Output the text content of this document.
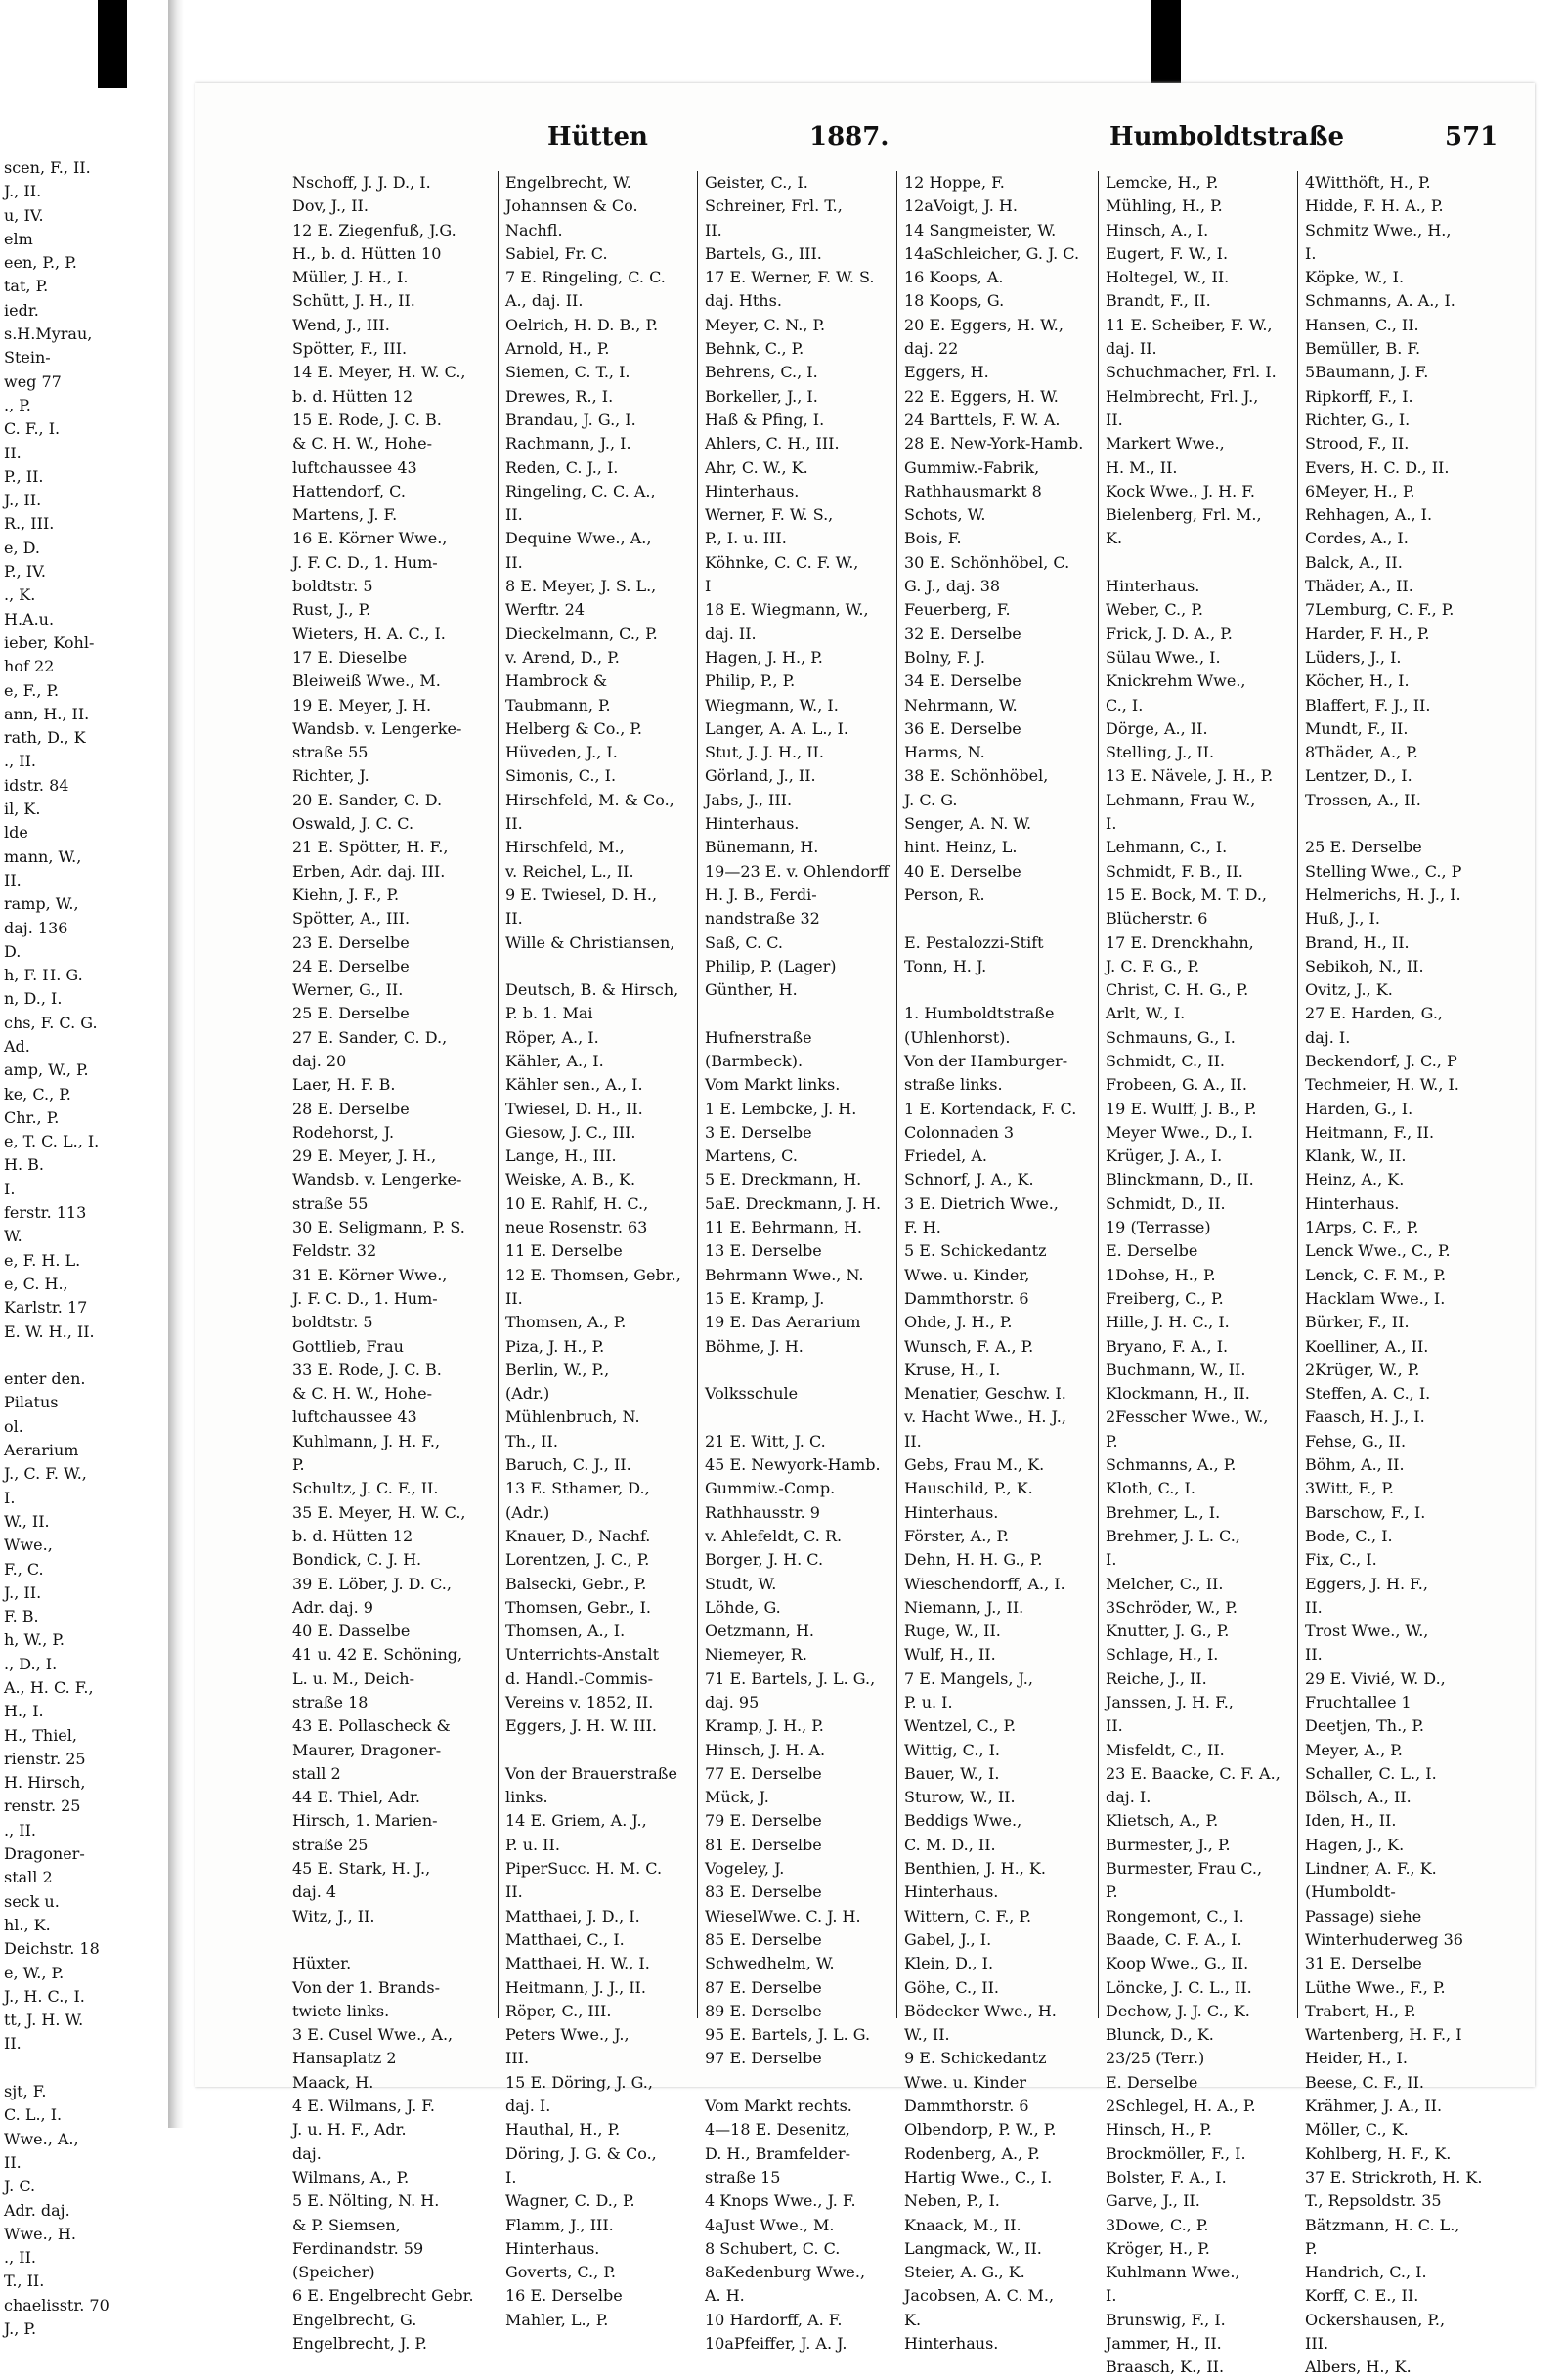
scen, F., II.
J., II.
u, IV.
elm
een, P., P.
tat, P.
iedr.
s.H.Myrau,
Stein-
weg 77
., P.
C. F., I.
II.
P., II.
J., II.
R., III.
e, D.
P., IV.
., K.
H.A.u.
ieber, Kohl-
hof 22
e, F., P.
ann, H., II.
rath, D., K
., II.
idstr. 84
il, K.
lde
mann, W.,
II.
ramp, W.,
daj. 136
D.
h, F. H. G.
n, D., I.
chs, F. C. G.
Ad.
amp, W., P.
ke, C., P.
Chr., P.
e, T. C. L., I.
H. B.
I.
ferstr. 113
W.
e, F. H. L.
e, C. H.,
Karlstr. 17
E. W. H., II.
enter den.
Pilatus
ol.
Aerarium
J., C. F. W.,
I.
W., II.
Wwe.,
F., C.
J., II.
F. B.
h, W., P.
., D., I.
A., H. C. F.,
H., I.
H., Thiel,
rienstr. 25
H. Hirsch,
renstr. 25
., II.
Dragoner-
stall 2
seck u.
hl., K.
Deichstr. 18
e, W., P.
J., H. C., I.
tt, J. H. W.
II.
sjt, F.
C. L., I.
Wwe., A.,
II.
J. C.
Adr. daj.
Wwe., H.
., II.
T., II.
chaelisstr. 70
J., P.
Hütten	1887.	Humboldtstraße	571
Nschoff, J. J. D., I.
Dov, J., II.
12 E. Ziegenfuß, J.G.
H., b. d. Hütten 10
Müller, J. H., I.
Schütt, J. H., II.
Wend, J., III.
Spötter, F., III.
14 E. Meyer, H. W. C.,
b. d. Hütten 12
15 E. Rode, J. C. B.
& C. H. W., Hohe-
luftchaussee 43
Hattendorf, C.
Martens, J. F.
16 E. Körner Wwe.,
J. F. C. D., 1. Hum-
boldtstr. 5
Rust, J., P.
Wieters, H. A. C., I.
17 E. Dieselbe
Bleiweiß Wwe., M.
19 E. Meyer, J. H.
Wandsb. v. Lengerke-
straße 55
Richter, J.
20 E. Sander, C. D.
Oswald, J. C. C.
21 E. Spötter, H. F.,
Erben, Adr. daj. III.
Kiehn, J. F., P.
Spötter, A., III.
23 E. Derselbe
24 E. Derselbe
Werner, G., II.
25 E. Derselbe
27 E. Sander, C. D.,
daj. 20
Laer, H. F. B.
28 E. Derselbe
Rodehorst, J.
29 E. Meyer, J. H.,
Wandsb. v. Lengerke-
straße 55
30 E. Seligmann, P. S.
Feldstr. 32
31 E. Körner Wwe.,
J. F. C. D., 1. Hum-
boldtstr. 5
Gottlieb, Frau
33 E. Rode, J. C. B.
& C. H. W., Hohe-
luftchaussee 43
Kuhlmann, J. H. F.,
P.
Schultz, J. C. F., II.
35 E. Meyer, H. W. C.,
b. d. Hütten 12
Bondick, C. J. H.
39 E. Löber, J. D. C.,
Adr. daj. 9
40 E. Dasselbe
41 u. 42 E. Schöning,
L. u. M., Deich-
straße 18
43 E. Pollascheck &
Maurer, Dragoner-
stall 2
44 E. Thiel, Adr.
Hirsch, 1. Marien-
straße 25
45 E. Stark, H. J.,
daj. 4
Witz, J., II.
Hüxter.
Von der 1. Brands-
twiete links.
3 E. Cusel Wwe., A.,
Hansaplatz 2
Maack, H.
4 E. Wilmans, J. F.
J. u. H. F., Adr.
daj.
Wilmans, A., P.
5 E. Nölting, N. H.
& P. Siemsen,
Ferdinandstr. 59
(Speicher)
6 E. Engelbrecht Gebr.
Engelbrecht, G.
Engelbrecht, J. P.
Engelbrecht, W.
Johannsen & Co.
Nachfl.
Sabiel, Fr. C.
7 E. Ringeling, C. C.
A., daj. II.
Oelrich, H. D. B., P.
Arnold, H., P.
Siemen, C. T., I.
Drewes, R., I.
Brandau, J. G., I.
Rachmann, J., I.
Reden, C. J., I.
Ringeling, C. C. A.,
II.
Dequine Wwe., A.,
II.
8 E. Meyer, J. S. L.,
Werftr. 24
Dieckelmann, C., P.
v. Arend, D., P.
Hambrock &
Taubmann, P.
Helberg & Co., P.
Hüveden, J., I.
Simonis, C., I.
Hirschfeld, M. & Co.,
II.
Hirschfeld, M.,
v. Reichel, L., II.
9 E. Twiesel, D. H.,
II.
Wille & Christiansen,
Deutsch, B. & Hirsch,
P. b. 1. Mai
Röper, A., I.
Kähler, A., I.
Kähler sen., A., I.
Twiesel, D. H., II.
Giesow, J. C., III.
Lange, H., III.
Weiske, A. B., K.
10 E. Rahlf, H. C.,
neue Rosenstr. 63
11 E. Derselbe
12 E. Thomsen, Gebr.,
II.
Thomsen, A., P.
Piza, J. H., P.
Berlin, W., P.,
(Adr.)
Mühlenbruch, N.
Th., II.
Baruch, C. J., II.
13 E. Sthamer, D.,
(Adr.)
Knauer, D., Nachf.
Lorentzen, J. C., P.
Balsecki, Gebr., P.
Thomsen, Gebr., I.
Thomsen, A., I.
Unterrichts-Anstalt
d. Handl.-Commis-
Vereins v. 1852, II.
Eggers, J. H. W. III.
Von der Brauerstraße
links.
14 E. Griem, A. J.,
P. u. II.
PiperSucc. H. M. C.
II.
Matthaei, J. D., I.
Matthaei, C., I.
Matthaei, H. W., I.
Heitmann, J. J., II.
Röper, C., III.
Peters Wwe., J.,
III.
15 E. Döring, J. G.,
daj. I.
Hauthal, H., P.
Döring, J. G. & Co.,
I.
Wagner, C. D., P.
Flamm, J., III.
Hinterhaus.
Goverts, C., P.
16 E. Derselbe
Mahler, L., P.
Geister, C., I.
Schreiner, Frl. T.,
II.
Bartels, G., III.
17 E. Werner, F. W. S.
daj. Hths.
Meyer, C. N., P.
Behnk, C., P.
Behrens, C., I.
Borkeller, J., I.
Haß & Pfing, I.
Ahlers, C. H., III.
Ahr, C. W., K.
Hinterhaus.
Werner, F. W. S.,
P., I. u. III.
Köhnke, C. C. F. W.,
I
18 E. Wiegmann, W.,
daj. II.
Hagen, J. H., P.
Philip, P., P.
Wiegmann, W., I.
Langer, A. A. L., I.
Stut, J. J. H., II.
Görland, J., II.
Jabs, J., III.
Hinterhaus.
Bünemann, H.
19—23 E. v. Ohlendorff
H. J. B., Ferdi-
nandstraße 32
Saß, C. C.
Philip, P. (Lager)
Günther, H.
Hufnerstraße
(Barmbeck).
Vom Markt links.
1 E. Lembcke, J. H.
3 E. Derselbe
Martens, C.
5 E. Dreckmann, H.
5aE. Dreckmann, J. H.
11 E. Behrmann, H.
13 E. Derselbe
Behrmann Wwe., N.
15 E. Kramp, J.
19 E. Das Aerarium
Böhme, J. H.
Volksschule
21 E. Witt, J. C.
45 E. Newyork-Hamb.
Gummiw.-Comp.
Rathhausstr. 9
v. Ahlefeldt, C. R.
Borger, J. H. C.
Studt, W.
Löhde, G.
Oetzmann, H.
Niemeyer, R.
71 E. Bartels, J. L. G.,
daj. 95
Kramp, J. H., P.
Hinsch, J. H. A.
77 E. Derselbe
Mück, J.
79 E. Derselbe
81 E. Derselbe
Vogeley, J.
83 E. Derselbe
WieselWwe. C. J. H.
85 E. Derselbe
Schwedhelm, W.
87 E. Derselbe
89 E. Derselbe
95 E. Bartels, J. L. G.
97 E. Derselbe
Vom Markt rechts.
4—18 E. Desenitz,
D. H., Bramfelder-
straße 15
4 Knops Wwe., J. F.
4aJust Wwe., M.
8 Schubert, C. C.
8aKedenburg Wwe.,
A. H.
10 Hardorff, A. F.
10aPfeiffer, J. A. J.
12 Hoppe, F.
12aVoigt, J. H.
14 Sangmeister, W.
14aSchleicher, G. J. C.
16 Koops, A.
18 Koops, G.
20 E. Eggers, H. W.,
daj. 22
Eggers, H.
22 E. Eggers, H. W.
24 Barttels, F. W. A.
28 E. New-York-Hamb.
Gummiw.-Fabrik,
Rathhausmarkt 8
Schots, W.
Bois, F.
30 E. Schönhöbel, C.
G. J., daj. 38
Feuerberg, F.
32 E. Derselbe
Bolny, F. J.
34 E. Derselbe
Nehrmann, W.
36 E. Derselbe
Harms, N.
38 E. Schönhöbel,
J. C. G.
Senger, A. N. W.
hint. Heinz, L.
40 E. Derselbe
Person, R.
E. Pestalozzi-Stift
Tonn, H. J.
1. Humboldtstraße
(Uhlenhorst).
Von der Hamburger-
straße links.
1 E. Kortendack, F. C.
Colonnaden 3
Friedel, A.
Schnorf, J. A., K.
3 E. Dietrich Wwe.,
F. H.
5 E. Schickedantz
Wwe. u. Kinder,
Dammthorstr. 6
Ohde, J. H., P.
Wunsch, F. A., P.
Kruse, H., I.
Menatier, Geschw. I.
v. Hacht Wwe., H. J.,
II.
Gebs, Frau M., K.
Hauschild, P., K.
Hinterhaus.
Förster, A., P.
Dehn, H. H. G., P.
Wieschendorff, A., I.
Niemann, J., II.
Ruge, W., II.
Wulf, H., II.
7 E. Mangels, J.,
P. u. I.
Wentzel, C., P.
Wittig, C., I.
Bauer, W., I.
Sturow, W., II.
Beddigs Wwe.,
C. M. D., II.
Benthien, J. H., K.
Hinterhaus.
Wittern, C. F., P.
Gabel, J., I.
Klein, D., I.
Göhe, C., II.
Bödecker Wwe., H.
W., II.
9 E. Schickedantz
Wwe. u. Kinder
Dammthorstr. 6
Olbendorp, P. W., P.
Rodenberg, A., P.
Hartig Wwe., C., I.
Neben, P., I.
Knaack, M., II.
Langmack, W., II.
Steier, A. G., K.
Jacobsen, A. C. M.,
K.
Hinterhaus.
Lemcke, H., P.
Mühling, H., P.
Hinsch, A., I.
Eugert, F. W., I.
Holtegel, W., II.
Brandt, F., II.
11 E. Scheiber, F. W.,
daj. II.
Schuchmacher, Frl. I.
Helmbrecht, Frl. J.,
II.
Markert Wwe.,
H. M., II.
Kock Wwe., J. H. F.
Bielenberg, Frl. M.,
K.
Hinterhaus.
Weber, C., P.
Frick, J. D. A., P.
Sülau Wwe., I.
Knickrehm Wwe.,
C., I.
Dörge, A., II.
Stelling, J., II.
13 E. Nävele, J. H., P.
Lehmann, Frau W.,
I.
Lehmann, C., I.
Schmidt, F. B., II.
15 E. Bock, M. T. D.,
Blücherstr. 6
17 E. Drenckhahn,
J. C. F. G., P.
Christ, C. H. G., P.
Arlt, W., I.
Schmauns, G., I.
Schmidt, C., II.
Frobeen, G. A., II.
19 E. Wulff, J. B., P.
Meyer Wwe., D., I.
Krüger, J. A., I.
Blinckmann, D., II.
Schmidt, D., II.
19 (Terrasse)
E. Derselbe
1Dohse, H., P.
Freiberg, C., P.
Hille, J. H. C., I.
Bryano, F. A., I.
Buchmann, W., II.
Klockmann, H., II.
2Fesscher Wwe., W.,
P.
Schmanns, A., P.
Kloth, C., I.
Brehmer, L., I.
Brehmer, J. L. C.,
I.
Melcher, C., II.
3Schröder, W., P.
Knutter, J. G., P.
Schlage, H., I.
Reiche, J., II.
Janssen, J. H. F.,
II.
Misfeldt, C., II.
23 E. Baacke, C. F. A.,
daj. I.
Klietsch, A., P.
Burmester, J., P.
Burmester, Frau C.,
P.
Rongemont, C., I.
Baade, C. F. A., I.
Koop Wwe., G., II.
Löncke, J. C. L., II.
Dechow, J. J. C., K.
Blunck, D., K.
23/25 (Terr.)
E. Derselbe
2Schlegel, H. A., P.
Hinsch, H., P.
Brockmöller, F., I.
Bolster, F. A., I.
Garve, J., II.
3Dowe, C., P.
Kröger, H., P.
Kuhlmann Wwe.,
I.
Brunswig, F., I.
Jammer, H., II.
Braasch, K., II.
4Witthöft, H., P.
Hidde, F. H. A., P.
Schmitz Wwe., H.,
I.
Köpke, W., I.
Schmanns, A. A., I.
Hansen, C., II.
Bemüller, B. F.
5Baumann, J. F.
Ripkorff, F., I.
Richter, G., I.
Strood, F., II.
Evers, H. C. D., II.
6Meyer, H., P.
Rehhagen, A., I.
Cordes, A., I.
Balck, A., II.
Thäder, A., II.
7Lemburg, C. F., P.
Harder, F. H., P.
Lüders, J., I.
Köcher, H., I.
Blaffert, F. J., II.
Mundt, F., II.
8Thäder, A., P.
Lentzer, D., I.
Trossen, A., II.
25 E. Derselbe
Stelling Wwe., C., P
Helmerichs, H. J., I.
Huß, J., I.
Brand, H., II.
Sebikoh, N., II.
Ovitz, J., K.
27 E. Harden, G.,
daj. I.
Beckendorf, J. C., P
Techmeier, H. W., I.
Harden, G., I.
Heitmann, F., II.
Klank, W., II.
Heinz, A., K.
Hinterhaus.
1Arps, C. F., P.
Lenck Wwe., C., P.
Lenck, C. F. M., P.
Hacklam Wwe., I.
Bürker, F., II.
Koelliner, A., II.
2Krüger, W., P.
Steffen, A. C., I.
Faasch, H. J., I.
Fehse, G., II.
Böhm, A., II.
3Witt, F., P.
Barschow, F., I.
Bode, C., I.
Fix, C., I.
Eggers, J. H. F.,
II.
Trost Wwe., W.,
II.
29 E. Vivié, W. D.,
Fruchtallee 1
Deetjen, Th., P.
Meyer, A., P.
Schaller, C. L., I.
Bölsch, A., II.
Iden, H., II.
Hagen, J., K.
Lindner, A. F., K.
(Humboldt-
Passage) siehe
Winterhuderweg 36
31 E. Derselbe
Lüthe Wwe., F., P.
Trabert, H., P.
Wartenberg, H. F., I
Heider, H., I.
Beese, C. F., II.
Krähmer, J. A., II.
Möller, C., K.
Kohlberg, H. F., K.
37 E. Strickroth, H. K.
T., Repsoldstr. 35
Bätzmann, H. C. L.,
P.
Handrich, C., I.
Korff, C. E., II.
Ockershausen, P.,
III.
Albers, H., K.
